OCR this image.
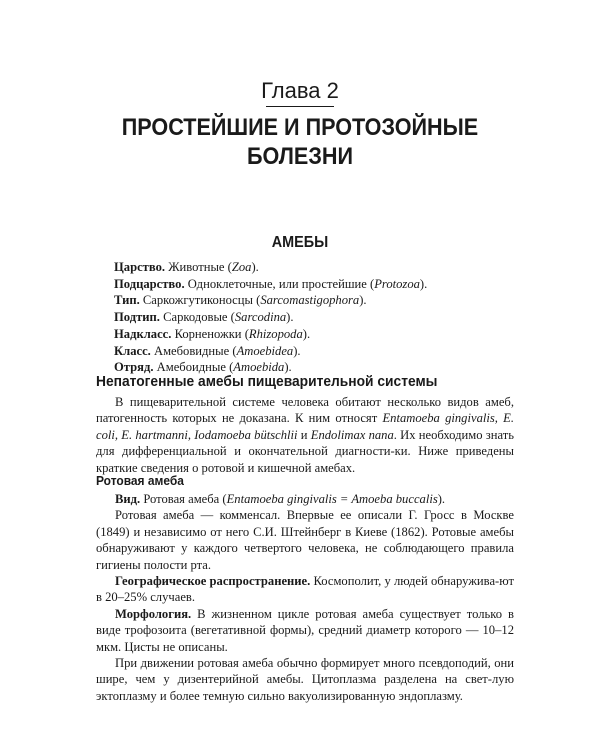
Глава 2
ПРОСТЕЙШИЕ И ПРОТОЗОЙНЫЕ
БОЛЕЗНИ
АМЕБЫ
Царство. Животные (Zoa).
Подцарство. Одноклеточные, или простейшие (Protozoa).
Тип. Саркожгутиконосцы (Sarcomastigophora).
Подтип. Саркодовые (Sarcodina).
Надкласс. Корненожки (Rhizopoda).
Класс. Амебовидные (Amoebidea).
Отряд. Амебоидные (Amoebida).
Непатогенные амебы пищеварительной системы

В пищеварительной системе человека обитают несколько видов амеб, патогенность которых не доказана. К ним относят Entamoeba gingivalis, E. coli, E. hartmanni, Iodamoeba bütschlii и Endolimax nana. Их необходимо знать для дифференциальной и окончательной диагности-ки. Ниже приведены краткие сведения о ротовой и кишечной амебах.

Ротовая амеба

Вид. Ротовая амеба (Entamoeba gingivalis = Amoeba buccalis).

Ротовая амеба — комменсал. Впервые ее описали Г. Гросс в Москве (1849) и независимо от него С.И. Штейнберг в Киеве (1862). Ротовые амебы обнаруживают у каждого четвертого человека, не соблюдающего правила гигиены полости рта.

Географическое распространение. Космополит, у людей обнаружива-ют в 20–25% случаев.

Морфология. В жизненном цикле ротовая амеба существует только в виде трофозоита (вегетативной формы), средний диаметр которого — 10–12 мкм. Цисты не описаны.

При движении ротовая амеба обычно формирует много псевдоподий, они шире, чем у дизентерийной амебы. Цитоплазма разделена на свет-лую эктоплазму и более темную сильно вакуолизированную эндоплазму.
